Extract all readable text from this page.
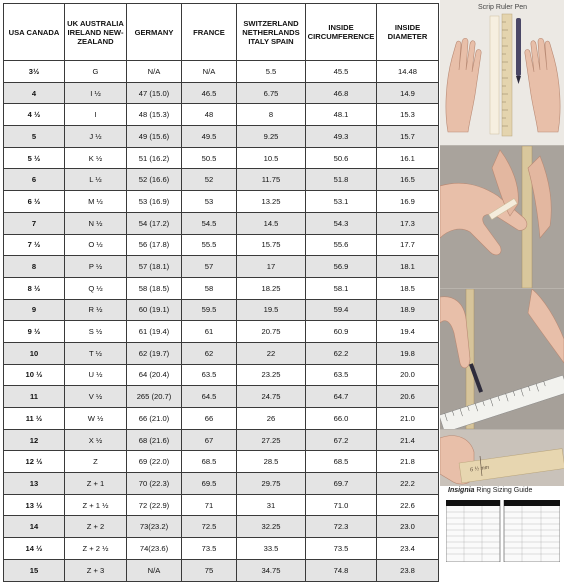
USA CANADA	UK AUSTRALIA IRELAND NEW-ZEALAND	GERMANY	FRANCE	SWITZERLAND NETHERLANDS ITALY SPAIN	INSIDE CIRCUMFERENCE	INSIDE DIAMETER
3½	G	N/A	N/A	5.5	45.5	14.48
4	I ½	47 (15.0)	46.5	6.75	46.8	14.9
4 ½	I	48 (15.3)	48	8	48.1	15.3
5	J ½	49 (15.6)	49.5	9.25	49.3	15.7
5 ½	K ½	51 (16.2)	50.5	10.5	50.6	16.1
6	L ½	52 (16.6)	52	11.75	51.8	16.5
6 ½	M ½	53 (16.9)	53	13.25	53.1	16.9
7	N ½	54 (17.2)	54.5	14.5	54.3	17.3
7 ½	O ½	56 (17.8)	55.5	15.75	55.6	17.7
8	P ½	57 (18.1)	57	17	56.9	18.1
8 ½	Q ½	58 (18.5)	58	18.25	58.1	18.5
9	R ½	60 (19.1)	59.5	19.5	59.4	18.9
9 ½	S ½	61 (19.4)	61	20.75	60.9	19.4
10	T ½	62 (19.7)	62	22	62.2	19.8
10 ½	U ½	64 (20.4)	63.5	23.25	63.5	20.0
11	V ½	265 (20.7)	64.5	24.75	64.7	20.6
11 ½	W ½	66 (21.0)	66	26	66.0	21.0
12	X ½	68 (21.6)	67	27.25	67.2	21.4
12 ½	Z	69 (22.0)	68.5	28.5	68.5	21.8
13	Z + 1	70 (22.3)	69.5	29.75	69.7	22.2
13 ½	Z + 1 ½	72 (22.9)	71	31	71.0	22.6
14	Z + 2	73(23.2)	72.5	32.25	72.3	23.0
14 ½	Z + 2 ½	74(23.6)	73.5	33.5	73.5	23.4
15	Z + 3	N/A	75	34.75	74.8	23.8
Scrip Ruler Pen
6 ½ mm
Insignia Ring Sizing Guide
